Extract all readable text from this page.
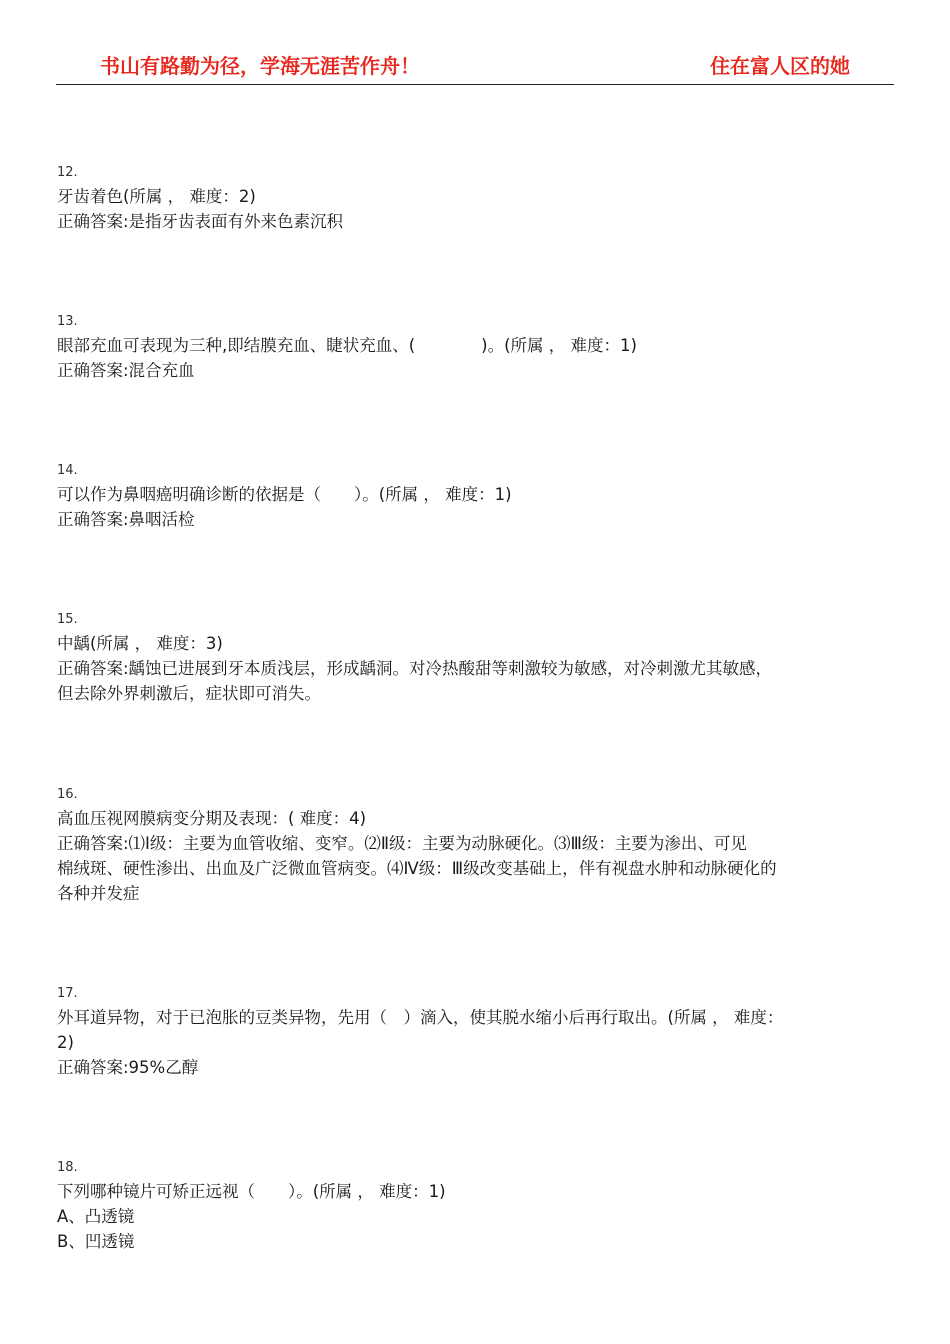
书山有路勤为径，学海无涯苦作舟！	住在富人区的她
12.
牙齿着色(所属 ， 难度：2)
正确答案:是指牙齿表面有外来色素沉积
13.
眼部充血可表现为三种,即结膜充血、睫状充血、(　　　　)。(所属 ， 难度：1)
正确答案:混合充血
14.
可以作为鼻咽癌明确诊断的依据是（　　）。(所属 ， 难度：1)
正确答案:鼻咽活检
15.
中龋(所属 ， 难度：3)
正确答案:龋蚀已进展到牙本质浅层，形成龋洞。对冷热酸甜等刺激较为敏感，对冷刺激尤其敏感，
但去除外界刺激后，症状即可消失。
16.
高血压视网膜病变分期及表现：( 难度：4)
正确答案:⑴Ⅰ级：主要为血管收缩、变窄。⑵Ⅱ级：主要为动脉硬化。⑶Ⅲ级：主要为渗出、可见
棉绒斑、硬性渗出、出血及广泛微血管病变。⑷Ⅳ级：Ⅲ级改变基础上，伴有视盘水肿和动脉硬化的
各种并发症
17.
外耳道异物，对于已泡胀的豆类异物，先用（　）滴入，使其脱水缩小后再行取出。(所属 ， 难度：
2)
正确答案:95%乙醇
18.
下列哪种镜片可矫正远视（　　）。(所属 ， 难度：1)
A、凸透镜
B、凹透镜
